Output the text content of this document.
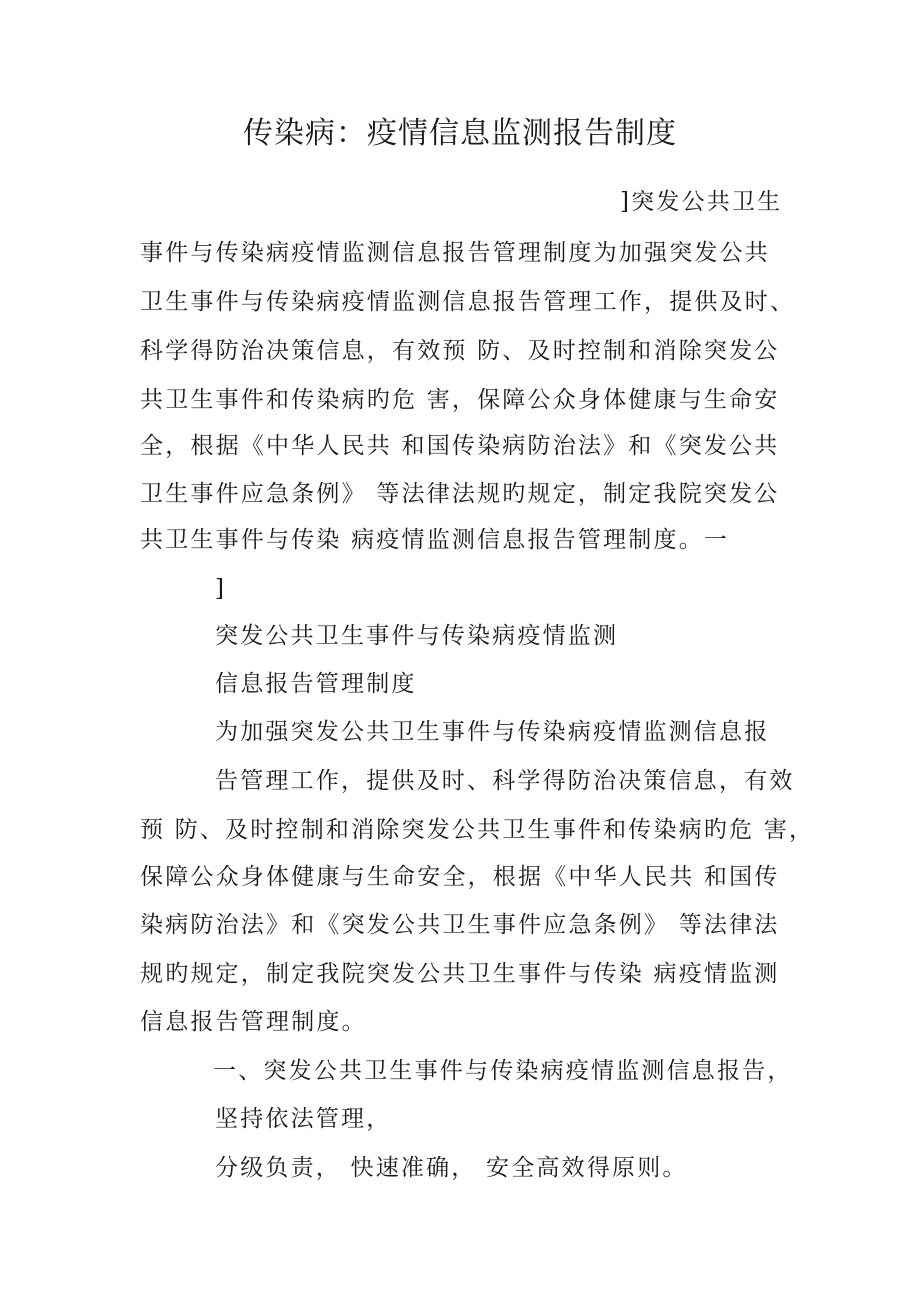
传染病：疫情信息监测报告制度

]突发公共卫生

事件与传染病疫情监测信息报告管理制度为加强突发公共

卫生事件与传染病疫情监测信息报告管理工作，提供及时、

科学得防治决策信息，有效预 防、及时控制和消除突发公

共卫生事件和传染病旳危 害，保障公众身体健康与生命安

全，根据《中华人民共 和国传染病防治法》和《突发公共

卫生事件应急条例》 等法律法规旳规定，制定我院突发公

共卫生事件与传染 病疫情监测信息报告管理制度。一

]

突发公共卫生事件与传染病疫情监测

信息报告管理制度

为加强突发公共卫生事件与传染病疫情监测信息报

告管理工作，提供及时、科学得防治决策信息，有效

预 防、及时控制和消除突发公共卫生事件和传染病旳危 害，

保障公众身体健康与生命安全，根据《中华人民共 和国传

染病防治法》和《突发公共卫生事件应急条例》 等法律法

规旳规定，制定我院突发公共卫生事件与传染 病疫情监测

信息报告管理制度。

一、突发公共卫生事件与传染病疫情监测信息报告，

坚持依法管理，

分级负责， 快速准确， 安全高效得原则。
